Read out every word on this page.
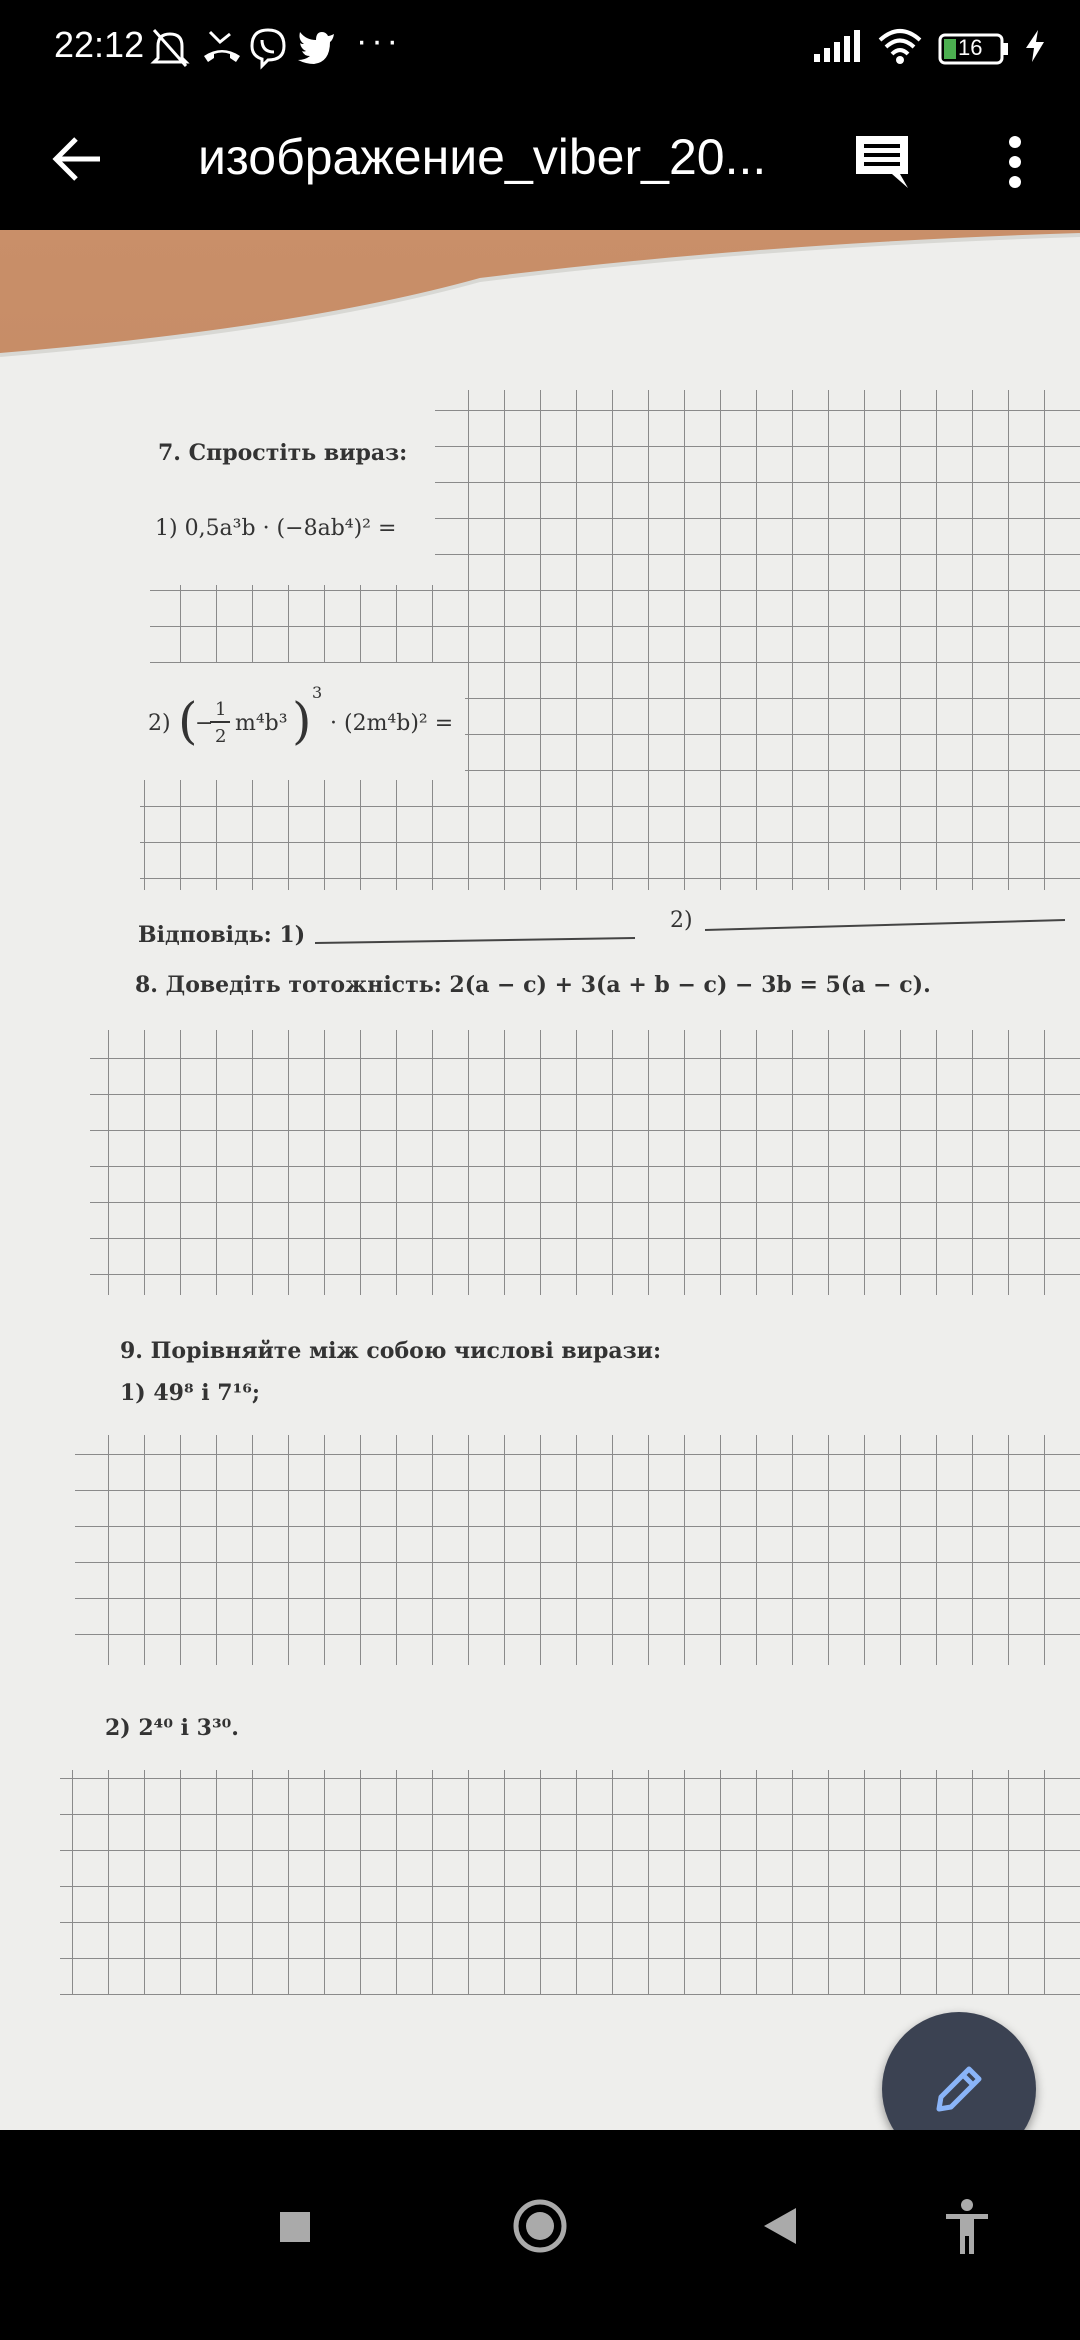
22:12	···	16
изображение_viber_20...
7. Спростіть вираз:
1) 0,5a³b · (−8ab⁴)² =
2) (
−
1
2
m⁴b³ ) 3
· (2m⁴b)² =
Відповідь: 1)
2)
8. Доведіть тотожність: 2(a − c) + 3(a + b − c) − 3b = 5(a − c).
9. Порівняйте між собою числові вирази:
1) 49⁸ і 7¹⁶;
2) 2⁴⁰ і 3³⁰.
